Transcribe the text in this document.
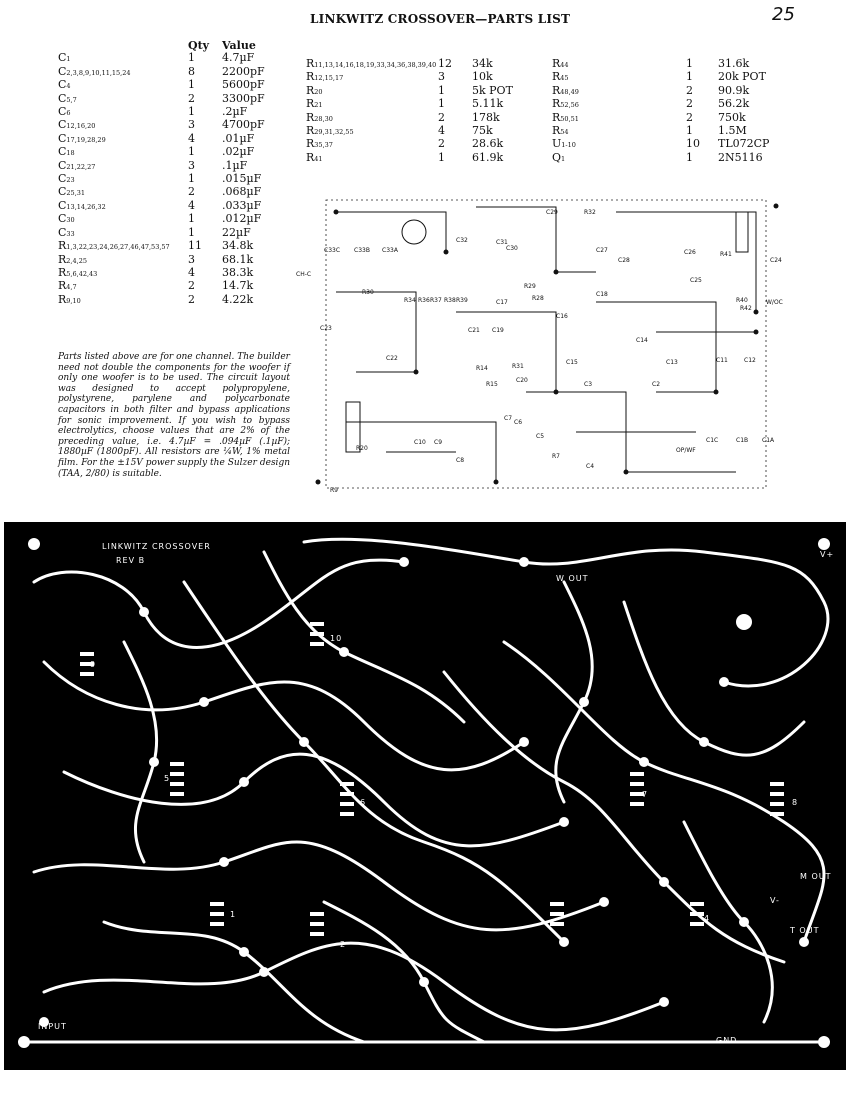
25
LINKWITZ CROSSOVER—PARTS LIST
Qty	Value
C1	1	4.7µF
C2,3,8,9,10,11,15,24	8	2200pF
C4	1	5600pF
C5,7	2	3300pF
C6	1	.2µF
C12,16,20	3	4700pF
C17,19,28,29	4	.01µF
C18	1	.02µF
C21,22,27	3	.1µF
C23	1	.015µF
C25,31	2	.068µF
C13,14,26,32	4	.033µF
C30	1	.012µF
C33	1	22µF
R1,3,22,23,24,26,27,46,47,53,57	11	34.8k
R2,4,25	3	68.1k
R5,6,42,43	4	38.3k
R4,7	2	14.7k
R9,10	2	4.22k
R11,13,14,16,18,19,33,34,36,38,39,40 12	34k
R12,15,17	3	10k
R20	1	5k POT
R21	1	5.11k
R28,30	2	178k
R29,31,32,55	4	75k
R35,37	2	28.6k
R41	1	61.9k
R44	1	31.6k
R45	1	20k POT
R48,49	2	90.9k
R52,56	2	56.2k
R50,51	2	750k
R54	1	1.5M
U1-10	10	TL072CP
Q1	1	2N5116
Parts listed above are for one channel. The builder need not double the components for the woofer if only one woofer is to be used. The circuit layout was designed to accept polypropylene, polystyrene, parylene and polycarbonate capacitors in both filter and bypass applications for sonic improvement. If you wish to bypass electrolytics, choose values that are 2% of the preceding value, i.e. 4.7µF = .094µF (.1µF); 1880µF (1800pF). All resistors are ¼W, 1% metal film. For the ±15V power supply the Sulzer design (TAA, 2/80) is suitable.
C29
C30
C33C C33B C33A
C32	C31
C18
C17
C19
C21
C23
C22
C16
C15
C14
C13	C11	C12
C20
C3	C2
C5
C4
C6
C7
C8
C9
C10	C1C	C1B C1A
C24
C25
C26
C27
C28
R14
R15
R29
R28
R31
R32
R7
R9
R20
R40
R41
R42
R30
R34 R36 R37 R38 R39
CH-C
W/OC
OP/WF
LINKWITZ CROSSOVER
REV B
W OUT
V+
M OUT
V-
T OUT
INPUT
GND
1
2
3	4
5
6
7
8
9
10
